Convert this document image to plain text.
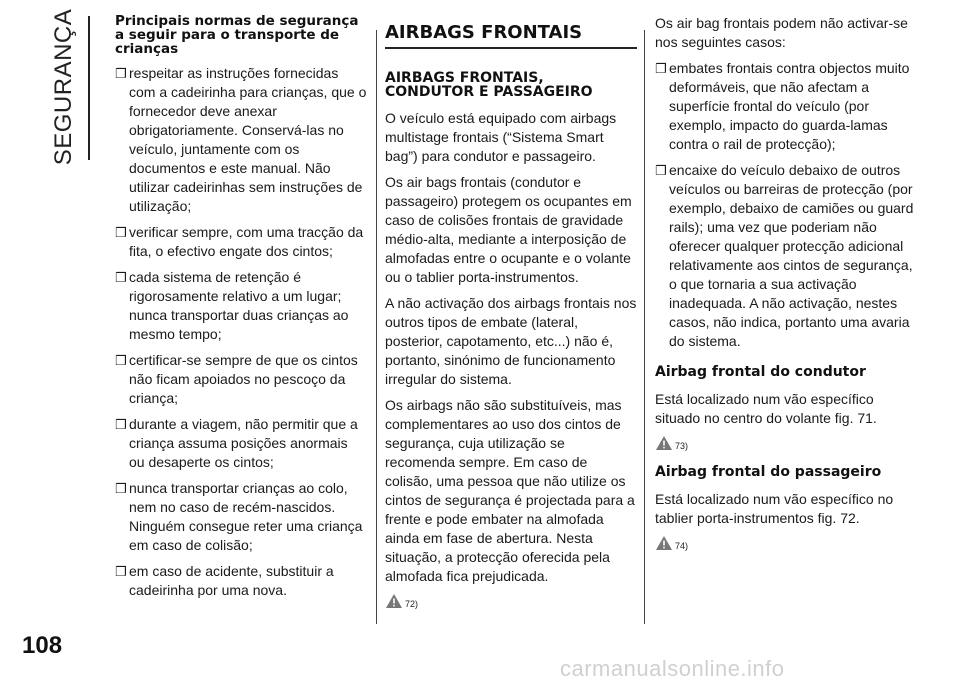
SEGURANÇA
108
Principais normas de segurança a seguir para o transporte de crianças
❒ respeitar as instruções fornecidas com a cadeirinha para crianças, que o fornecedor deve anexar obrigatoriamente. Conservá-las no veículo, juntamente com os documentos e este manual. Não utilizar cadeirinhas sem instruções de utilização;
❒ verificar sempre, com uma tracção da fita, o efectivo engate dos cintos;
❒ cada sistema de retenção é rigorosamente relativo a um lugar; nunca transportar duas crianças ao mesmo tempo;
❒ certificar-se sempre de que os cintos não ficam apoiados no pescoço da criança;
❒ durante a viagem, não permitir que a criança assuma posições anormais ou desaperte os cintos;
❒ nunca transportar crianças ao colo, nem no caso de recém-nascidos. Ninguém consegue reter uma criança em caso de colisão;
❒ em caso de acidente, substituir a cadeirinha por uma nova.
AIRBAGS FRONTAIS
AIRBAGS FRONTAIS, CONDUTOR E PASSAGEIRO

O veículo está equipado com airbags multistage frontais (“Sistema Smart bag”) para condutor e passageiro.

Os air bags frontais (condutor e passageiro) protegem os ocupantes em caso de colisões frontais de gravidade médio-alta, mediante a interposição de almofadas entre o ocupante e o volante ou o tablier porta-instrumentos.

A não activação dos airbags frontais nos outros tipos de embate (lateral, posterior, capotamento, etc...) não é, portanto, sinónimo de funcionamento irregular do sistema.

Os airbags não são substituíveis, mas complementares ao uso dos cintos de segurança, cuja utilização se recomenda sempre. Em caso de colisão, uma pessoa que não utilize os cintos de segurança é projectada para a frente e pode embater na almofada ainda em fase de abertura. Nesta situação, a protecção oferecida pela almofada fica prejudicada.

72)

Os air bag frontais podem não activar-se nos seguintes casos:

❒ embates frontais contra objectos muito deformáveis, que não afectam a superfície frontal do veículo (por exemplo, impacto do guarda-lamas contra o rail de protecção);
❒ encaixe do veículo debaixo de outros veículos ou barreiras de protecção (por exemplo, debaixo de camiões ou guard rails); uma vez que poderiam não oferecer qualquer protecção adicional relativamente aos cintos de segurança, o que tornaria a sua activação inadequada. A não activação, nestes casos, não indica, portanto uma avaria do sistema.
Airbag frontal do condutor

Está localizado num vão específico situado no centro do volante fig. 71.

73)
Airbag frontal do passageiro

Está localizado num vão específico no tablier porta-instrumentos fig. 72.

74)
carmanualsonline.info
